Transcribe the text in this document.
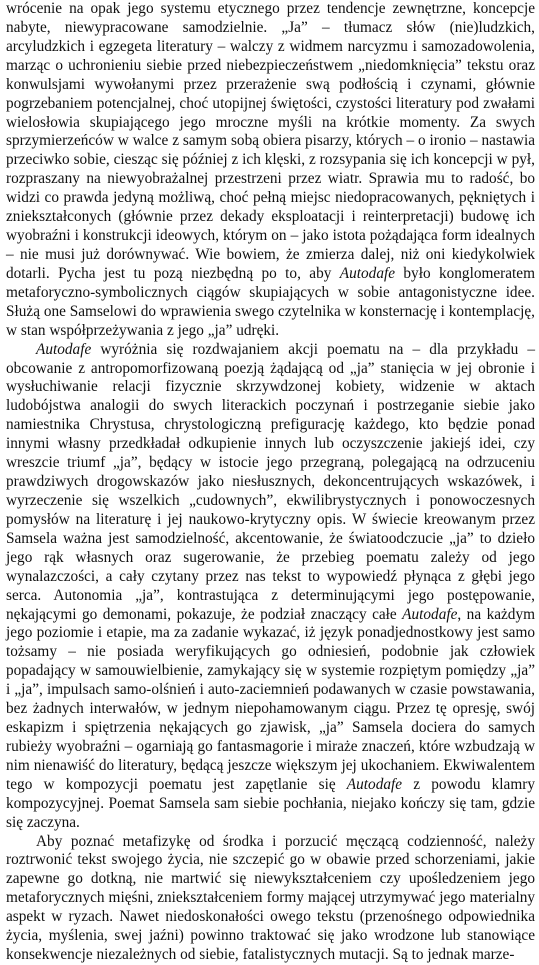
wrócenie na opak jego systemu etycznego przez tendencje zewnętrzne, koncepcje nabyte, niewypracowane samodzielnie. „Ja” – tłumacz słów (nie)ludzkich, arcyludzkich i egzegeta literatury – walczy z widmem narcyzmu i samozadowolenia, marząc o uchronieniu siebie przed niebezpieczeństwem „niedomknięcia” tekstu oraz konwulsjami wywołanymi przez przerażenie swą podłością i czynami, głównie pogrzebaniem potencjalnej, choć utopijnej świętości, czystości literatury pod zwałami wielosłowia skupiającego jego mroczne myśli na krótkie momenty. Za swych sprzymierzeńców w walce z samym sobą obiera pisarzy, których – o ironio – nastawia przeciwko sobie, ciesząc się później z ich klęski, z rozsypania się ich koncepcji w pył, rozpraszany na niewyobrażalnej przestrzeni przez wiatr. Sprawia mu to radość, bo widzi co prawda jedyną możliwą, choć pełną miejsc niedopracowanych, pękniętych i zniekształconych (głównie przez dekady eksploatacji i reinterpretacji) budowę ich wyobraźni i konstrukcji ideowych, którym on – jako istota pożądająca form idealnych – nie musi już dorównywać. Wie bowiem, że zmierza dalej, niż oni kiedykolwiek dotarli. Pycha jest tu pozą niezbędną po to, aby Autodafe było konglomeratem metaforyczno-symbolicznych ciągów skupiających w sobie antagonistyczne idee. Służą one Samselowi do wprawienia swego czytelnika w konsternację i kontemplację, w stan współprzeżywania z jego „ja” udręki.

Autodafe wyróżnia się rozdwajaniem akcji poematu na – dla przykładu – obcowanie z antropomorfizowaną poezją żądającą od „ja” stanięcia w jej obronie i wysłuchiwanie relacji fizycznie skrzywdzonej kobiety, widzenie w aktach ludobójstwa analogii do swych literackich poczynań i postrzeganie siebie jako namiestnika Chrystusa, chrystologiczną prefigurację każdego, kto będzie ponad innymi własny przedkładał odkupienie innych lub oczyszczenie jakiejś idei, czy wreszcie triumf „ja”, będący w istocie jego przegraną, polegającą na odrzuceniu prawdziwych drogowskazów jako niesłusznych, dekoncentrujących wskazówek, i wyrzeczenie się wszelkich „cudownych”, ekwilibrystycznych i ponowoczesnych pomysłów na literaturę i jej naukowo-krytyczny opis. W świecie kreowanym przez Samsela ważna jest samodzielność, akcentowanie, że światoodczucie „ja” to dzieło jego rąk własnych oraz sugerowanie, że przebieg poematu zależy od jego wynalazczości, a cały czytany przez nas tekst to wypowiedź płynąca z głębi jego serca. Autonomia „ja”, kontrastująca z determinującymi jego postępowanie, nękającymi go demonami, pokazuje, że podział znaczący całe Autodafe, na każdym jego poziomie i etapie, ma za zadanie wykazać, iż język ponadjednostkowy jest samo tożsamy – nie posiada weryfikujących go odniesień, podobnie jak człowiek popadający w samouwielbienie, zamykający się w systemie rozpiętym pomiędzy „ja” i „ja”, impulsach samo-olśnień i auto-zaciemnień podawanych w czasie powstawania, bez żadnych interwałów, w jednym niepohamowanym ciągu. Przez tę opresję, swój eskapizm i spiętrzenia nękających go zjawisk, „ja” Samsela dociera do samych rubieży wyobraźni – ogarniają go fantasmagorie i miraże znaczeń, które wzbudzają w nim nienawiść do literatury, będącą jeszcze większym jej ukochaniem. Ekwiwalentem tego w kompozycji poematu jest zapętlanie się Autodafe z powodu klamry kompozycyjnej. Poemat Samsela sam siebie pochłania, niejako kończy się tam, gdzie się zaczyna.

Aby poznać metafizykę od środka i porzucić męczącą codzienność, należy roztrwonić tekst swojego życia, nie szczepić go w obawie przed schorzeniami, jakie zapewne go dotkną, nie martwić się niewykształceniem czy upośledzeniem jego metaforycznych mięśni, zniekształceniem formy mającej utrzymywać jego materialny aspekt w ryzach. Nawet niedoskonałości owego tekstu (przenośnego odpowiednika życia, myślenia, swej jaźni) powinno traktować się jako wrodzone lub stanowiące konsekwencje niezależnych od siebie, fatalistycznych mutacji. Są to jednak marze-
